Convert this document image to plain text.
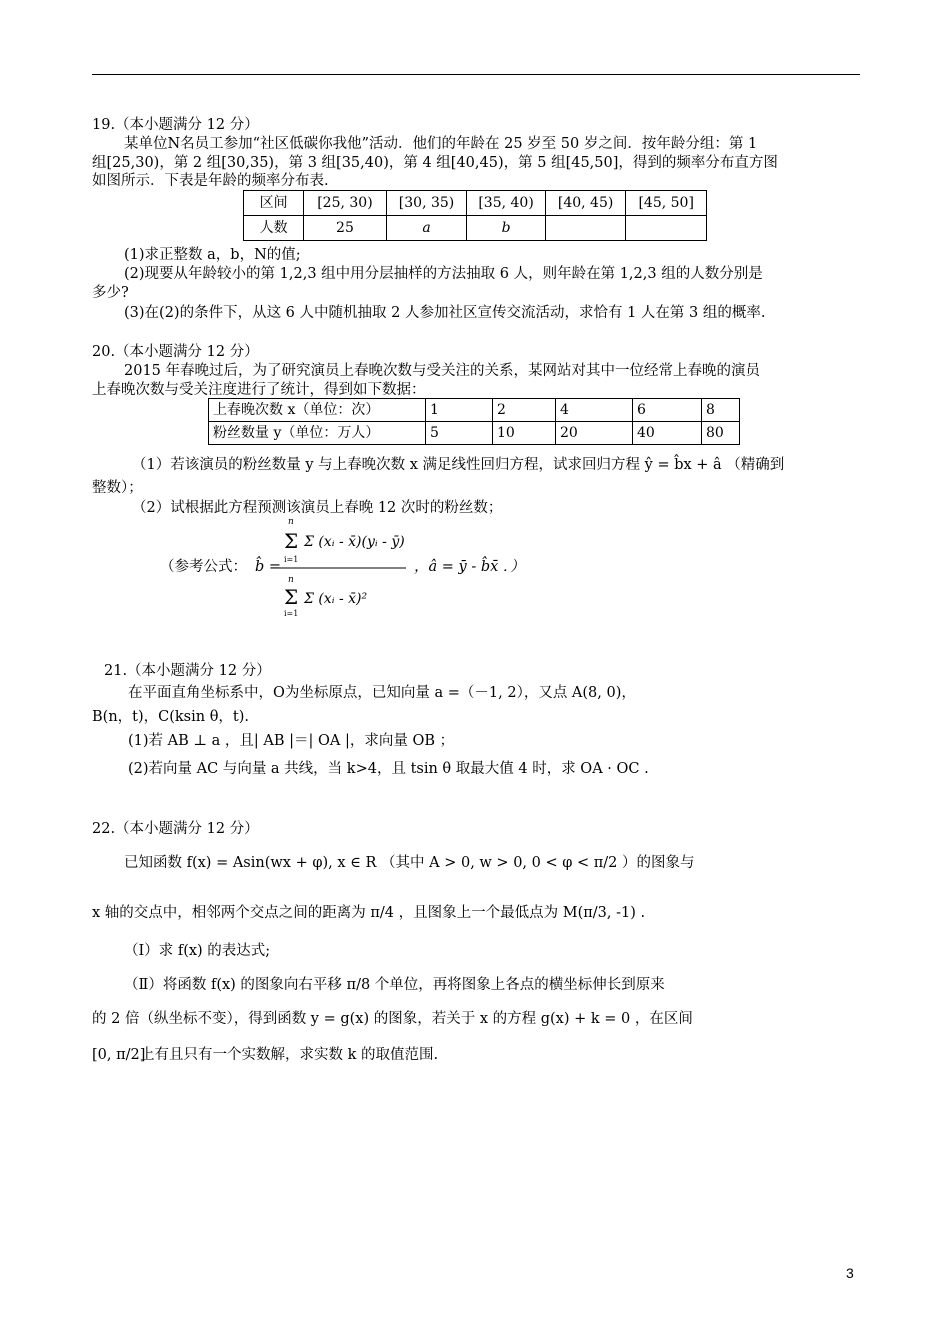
19.（本小题满分 12 分）
某单位N名员工参加“社区低碳你我他”活动．他们的年龄在 25 岁至 50 岁之间．按年龄分组：第 1
组[25,30)，第 2 组[30,35)，第 3 组[35,40)，第 4 组[40,45)，第 5 组[45,50]，得到的频率分布直方图
如图所示．下表是年龄的频率分布表.
区间	[25, 30)	[30, 35)	[35, 40)	[40, 45)	[45, 50]
人数	25	a	b		
(1)求正整数 a，b，N的值;
(2)现要从年龄较小的第 1,2,3 组中用分层抽样的方法抽取 6 人，则年龄在第 1,2,3 组的人数分别是
多少?
(3)在(2)的条件下，从这 6 人中随机抽取 2 人参加社区宣传交流活动，求恰有 1 人在第 3 组的概率.
20.（本小题满分 12 分）
2015 年春晚过后，为了研究演员上春晚次数与受关注的关系，某网站对其中一位经常上春晚的演员
上春晚次数与受关注度进行了统计，得到如下数据：
上春晚次数 x（单位：次）	1	2	4	6	8
粉丝数量 y（单位：万人）	5	10	20	40	80
（1）若该演员的粉丝数量 y 与上春晚次数 x 满足线性回归方程，试求回归方程 ŷ = b̂x + â （精确到
整数）；
（2）试根据此方程预测该演员上春晚 12 次时的粉丝数；
（参考公式： b̂ =
n
Σ
i=1
Σ (xᵢ - x̄)(yᵢ - ȳ)
n
Σ
i=1
Σ (xᵢ - x̄)²
，â = ȳ - b̂x̄ ．）
21.（本小题满分 12 分）
在平面直角坐标系中，O为坐标原点，已知向量 a =（－1, 2），又点 A(8, 0)，
B(n，t)，C(ksin θ，t).
(1)若 AB ⊥ a ，且| AB |＝| OA |，求向量 OB ；
(2)若向量 AC 与向量 a 共线，当 k>4，且 tsin θ 取最大值 4 时，求 OA · OC .
22.（本小题满分 12 分）
已知函数 f(x) = Asin(wx + φ), x ∈ R （其中 A > 0, w > 0, 0 < φ < π/2 ）的图象与
x 轴的交点中，相邻两个交点之间的距离为 π/4 ，且图象上一个最低点为 M(π/3, -1) .
（Ⅰ）求 f(x) 的表达式;
（Ⅱ）将函数 f(x) 的图象向右平移 π/8 个单位，再将图象上各点的横坐标伸长到原来
的 2 倍（纵坐标不变），得到函数 y = g(x) 的图象，若关于 x 的方程 g(x) + k = 0 ，在区间
[0, π/2]
上有且只有一个实数解，求实数 k 的取值范围.
3
